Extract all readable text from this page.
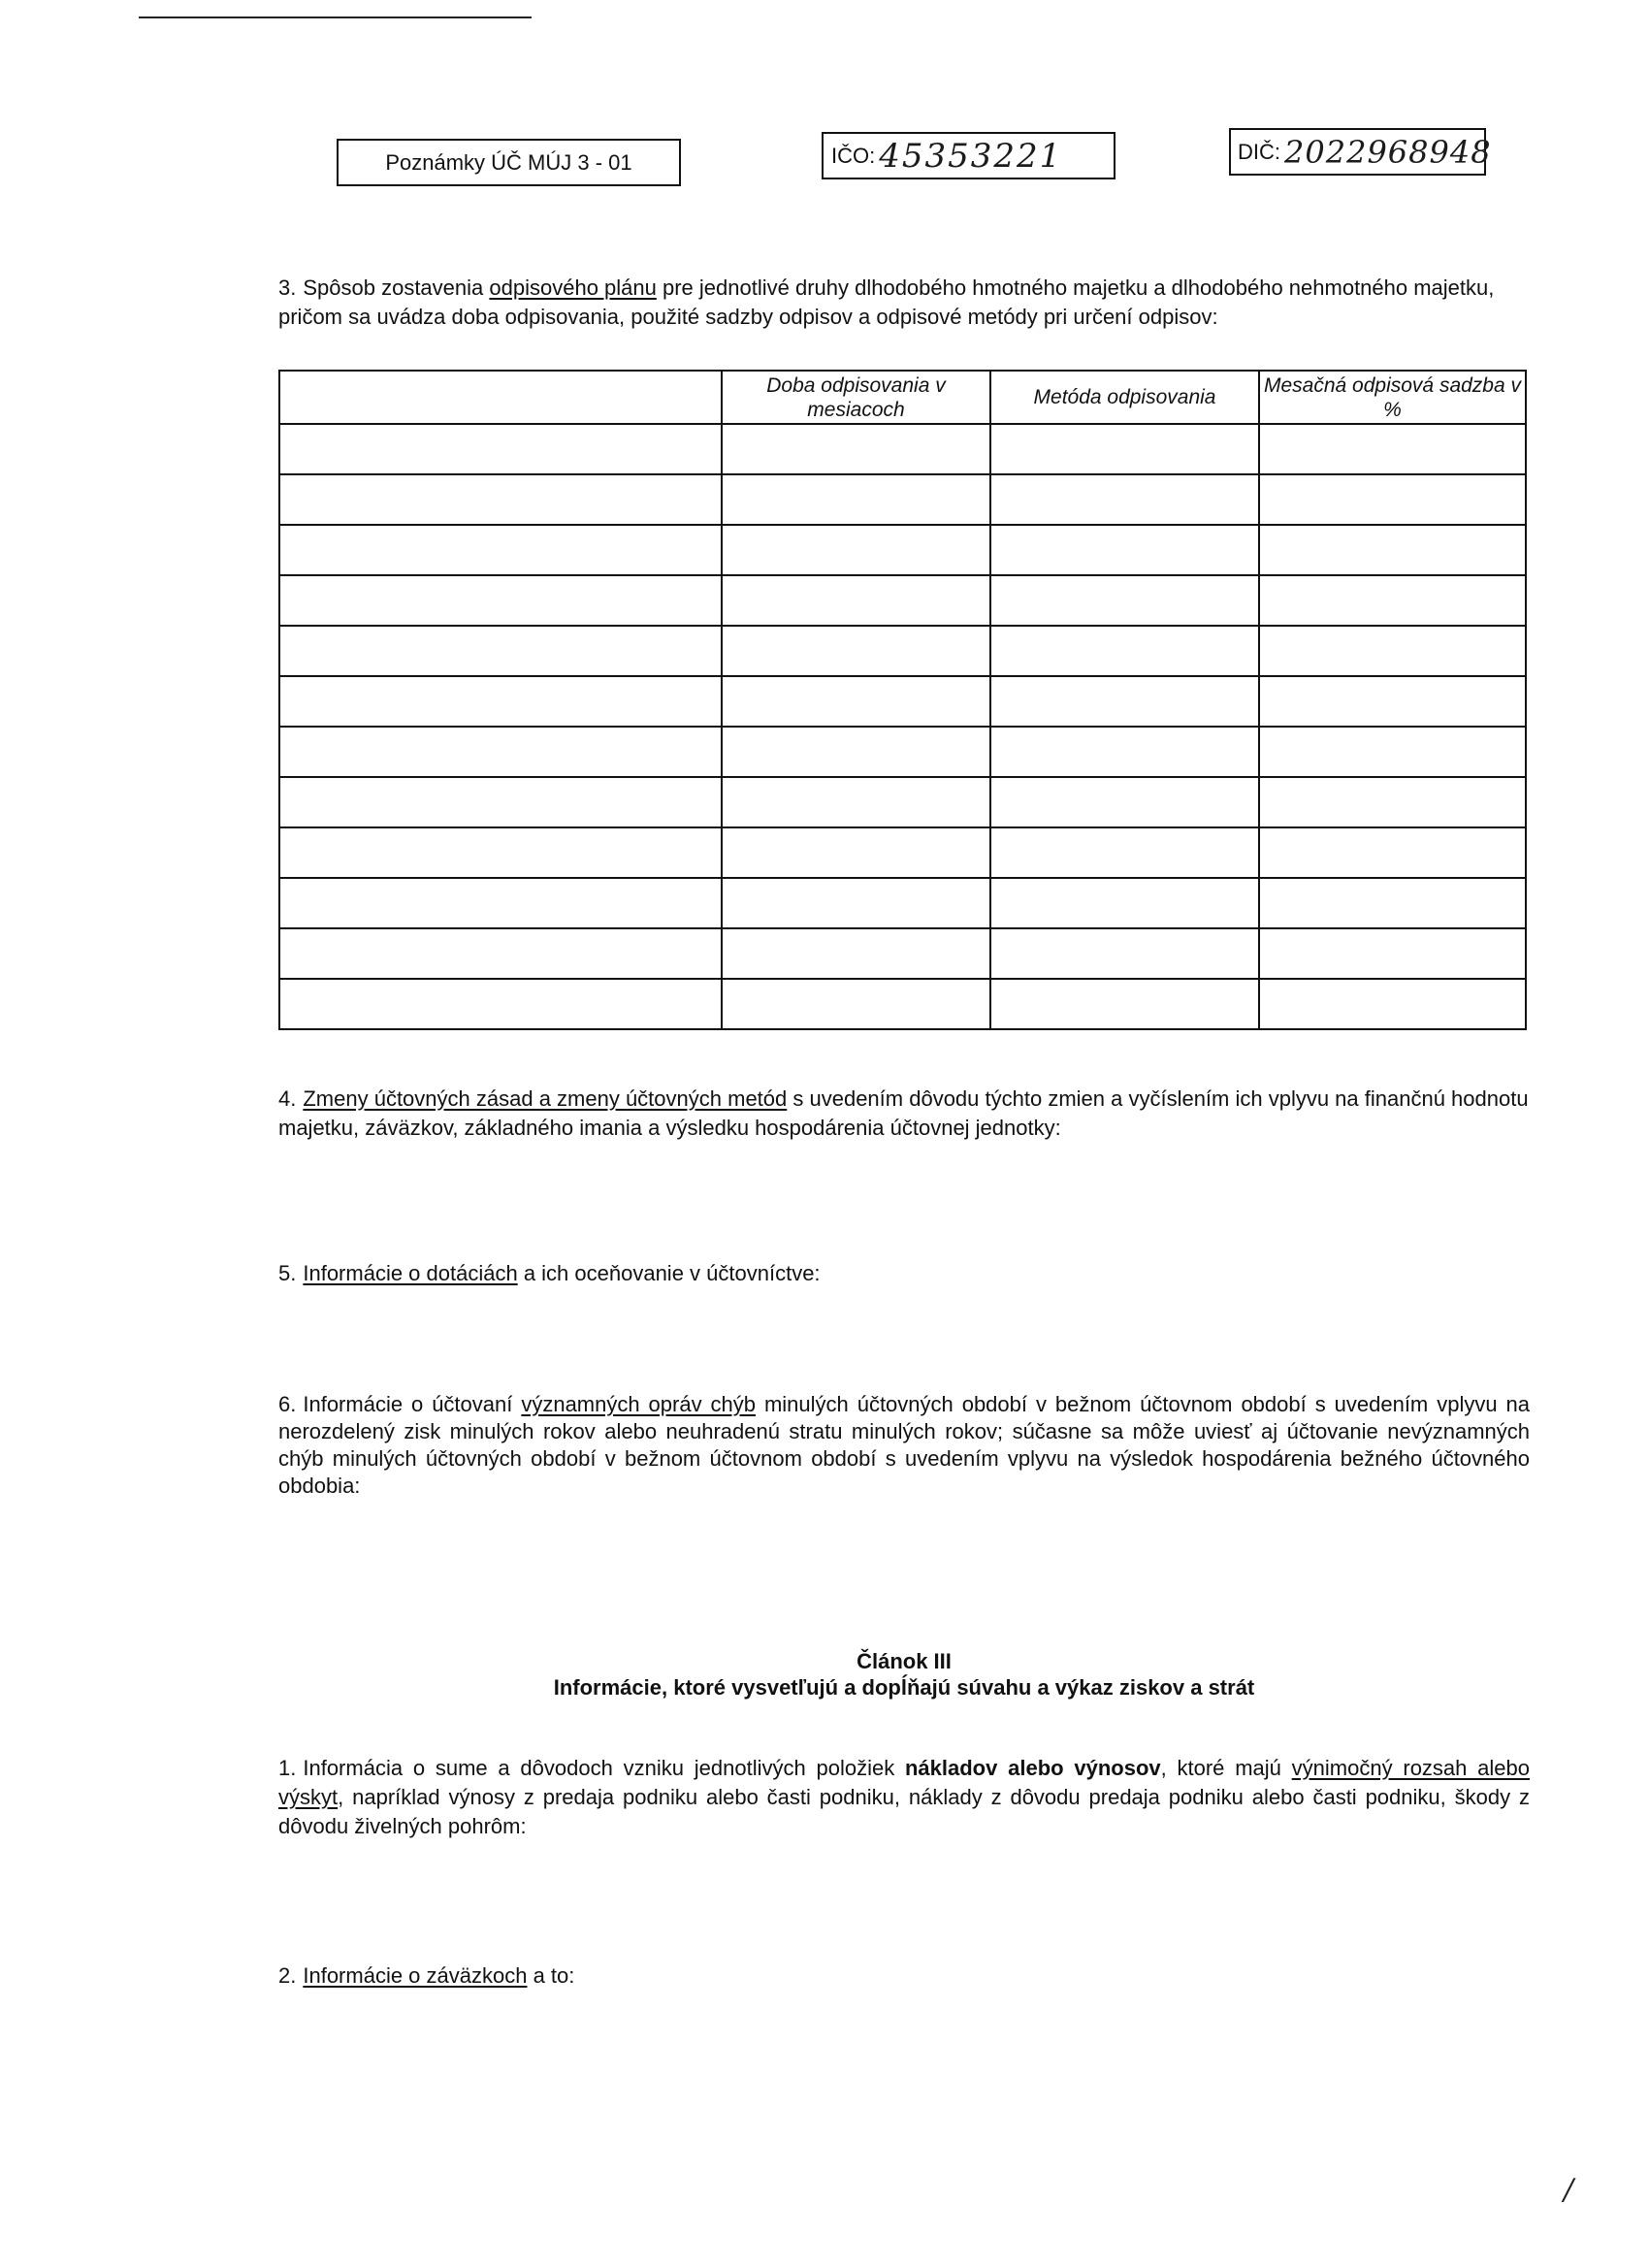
Poznámky ÚČ MÚJ 3 - 01	IČO: 45353221	DIČ: 2022968948
3. Spôsob zostavenia odpisového plánu pre jednotlivé druhy dlhodobého hmotného majetku a dlhodobého nehmotného majetku, pričom sa uvádza doba odpisovania, použité sadzby odpisov a odpisové metódy pri určení odpisov:
	Doba odpisovania v mesiacoch	Metóda odpisovania	Mesačná odpisová sadzba v %

4. Zmeny účtovných zásad a zmeny účtovných metód s uvedením dôvodu týchto zmien a vyčíslením ich vplyvu na finančnú hodnotu majetku, záväzkov, základného imania a výsledku hospodárenia účtovnej jednotky:
5. Informácie o dotáciách a ich oceňovanie v účtovníctve:
6. Informácie o účtovaní významných opráv chýb minulých účtovných období v bežnom účtovnom období s uvedením vplyvu na nerozdelený zisk minulých rokov alebo neuhradenú stratu minulých rokov; súčasne sa môže uviesť aj účtovanie nevýznamných chýb minulých účtovných období v bežnom účtovnom období s uvedením vplyvu na výsledok hospodárenia bežného účtovného obdobia:
Článok III
Informácie, ktoré vysvetľujú a dopĺňajú súvahu a výkaz ziskov a strát
1. Informácia o sume a dôvodoch vzniku jednotlivých položiek nákladov alebo výnosov, ktoré majú výnimočný rozsah alebo výskyt, napríklad výnosy z predaja podniku alebo časti podniku, náklady z dôvodu predaja podniku alebo časti podniku, škody z dôvodu živelných pohrôm:
2. Informácie o záväzkoch a to:
/
